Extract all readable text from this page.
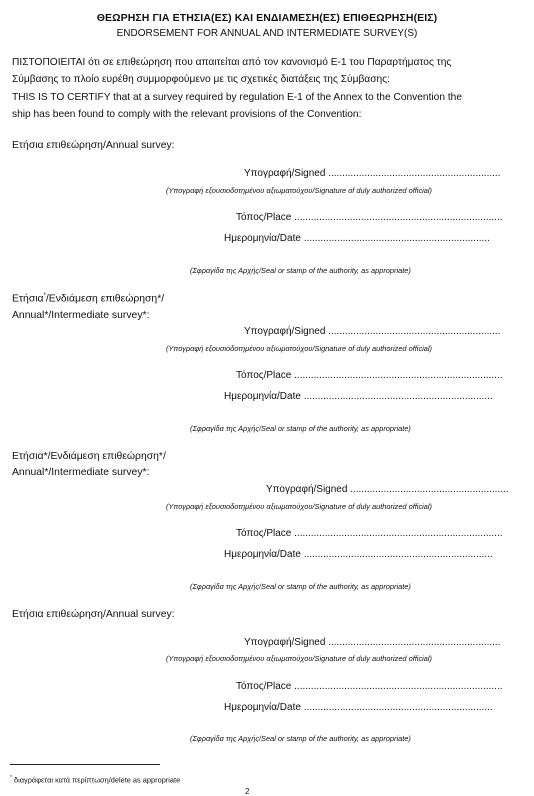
ΘΕΩΡΗΣΗ ΓΙΑ ΕΤΗΣΙΑ(ΕΣ) ΚΑΙ ΕΝΔΙΑΜΕΣΗ(ΕΣ) ΕΠΙΘΕΩΡΗΣΗ(ΕΙΣ)
ENDORSEMENT FOR ANNUAL AND INTERMEDIATE SURVEY(S)
ΠΙΣΤΟΠΟΙΕΙΤΑΙ ότι σε επιθεώρηση που απαιτείται από τον κανονισμό Ε-1 του Παραρτήματος της
Σύμβασης το πλοίο ευρέθη συμμορφούμενο με τις σχετικές διατάξεις της Σύμβασης:
THIS IS TO CERTIFY that at a survey required by regulation E-1 of the Annex to the Convention the
ship has been found to comply with the relevant provisions of the Convention:
Ετήσια επιθεώρηση/Annual survey:
Υπογραφή/Signed ..............................................................
(Υπογραφή εξουσιοδοτημένου αξιωματούχου/Signature of duly authorized official)
Τόπος/Place ...........................................................................
Ημερομηνία/Date ...................................................................
(Σφραγίδα της Αρχής/Seal or stamp of the authority, as appropriate)
Ετήσια*/Ενδιάμεση επιθεώρηση*/
Annual*/Intermediate survey*:
Υπογραφή/Signed ..............................................................
(Υπογραφή εξουσιοδοτημένου αξιωματούχου/Signature of duly authorized official)
Τόπος/Place ...........................................................................
Ημερομηνία/Date ....................................................................
(Σφραγίδα της Αρχής/Seal or stamp of the authority, as appropriate)
Ετήσια*/Ενδιάμεση επιθεώρηση*/
Annual*/Intermediate survey*:
Υπογραφή/Signed .........................................................
(Υπογραφή εξουσιοδοτημένου αξιωματούχου/Signature of duly authorized official)
Τόπος/Place ...........................................................................
Ημερομηνία/Date ....................................................................
(Σφραγίδα της Αρχής/Seal or stamp of the authority, as appropriate)
Ετήσια επιθεώρηση/Annual survey:
Υπογραφή/Signed ..............................................................
(Υπογραφή εξουσιοδοτημένου αξιωματούχου/Signature of duly authorized official)
Τόπος/Place ...........................................................................
Ημερομηνία/Date ....................................................................
(Σφραγίδα της Αρχής/Seal or stamp of the authority, as appropriate)
* διαγράφεται κατά περίπτωση/delete as appropriate
2
